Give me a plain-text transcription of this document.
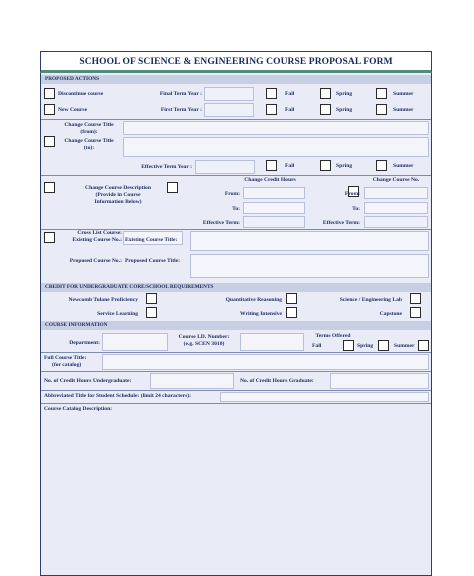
SCHOOL OF SCIENCE & ENGINEERING COURSE PROPOSAL FORM
PROPOSED ACTIONS
Discontinue course	Final Term Year :	Fall	Spring	Summer
New Course	First Term Year :	Fall	Spring	Summer
Change Course Title
(from):
Change Course Title
(to):
Effective Term Year :	Fall	Spring	Summer
Change Course Description
(Provide in Course
Information Below)
Change Credit Hours
From:
To:
Effective Term:
Change Course No.
From:
To:
Effective Term:
Cross List Course:
Existing Course No.: Existing Course Title:
Proposed Course No.: Proposed Course Title:
CREDIT FOR UNDERGRADUATE CORE/SCHOOL REQUIREMENTS
Newcomb Tulane Proficiency	Quantitative Reasoning	Science / Engineering Lab
Service Learning	Writing Intensive	Capstone
COURSE INFORMATION
Department:
Course I.D. Number:
(e.g. SCEN 3010)
Terms Offered
Fall	Spring	Summer
Full Course Title:
(for catalog)
No. of Credit Hours Undergraduate:	No. of Credit Hours Graduate:
Abbreviated Title for Student Schedule: (limit 24 characters):
Course Catalog Description:
